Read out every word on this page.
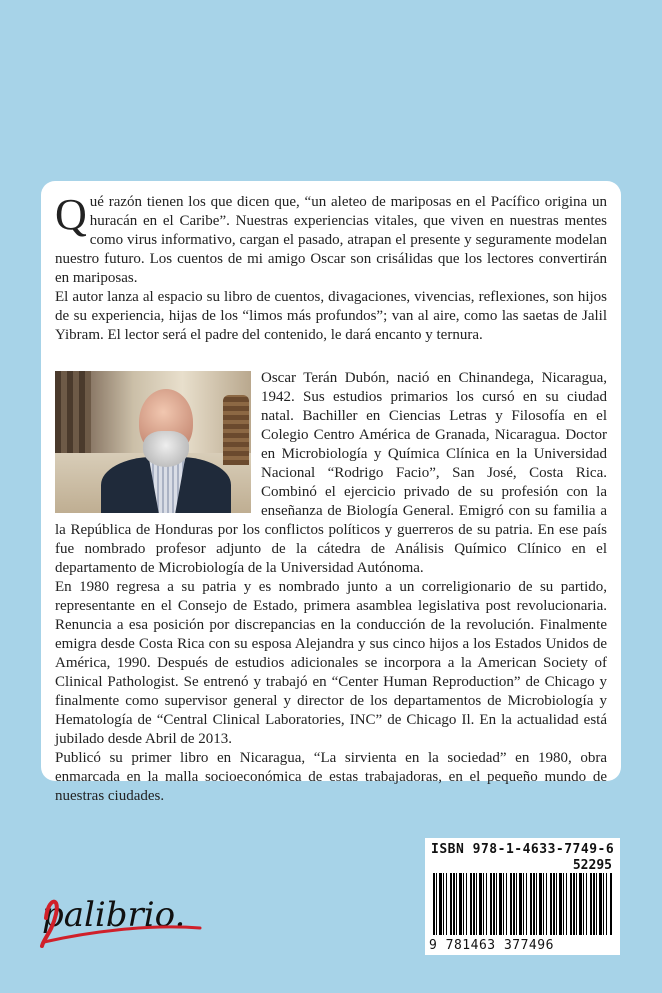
Qué razón tienen los que dicen que, “un aleteo de mariposas en el Pacífico origina un huracán en el Caribe”. Nuestras experiencias vitales, que viven en nuestras mentes como virus informativo, cargan el pasado, atrapan el presente y seguramente modelan nuestro futuro. Los cuentos de mi amigo Oscar son crisálidas que los lectores convertirán en mariposas.

El autor lanza al espacio su libro de cuentos, divagaciones, vivencias, reflexiones, son hijos de su experiencia, hijas de los “limos más profundos”; van al aire, como las saetas de Jalil Yibram. El lector será el padre del contenido, le dará encanto y ternura.

Oscar Terán Dubón, nació en Chinandega, Nicaragua, 1942. Sus estudios primarios los cursó en su ciudad natal. Bachiller en Ciencias Letras y Filosofía en el Colegio Centro América de Granada, Nicaragua. Doctor en Microbiología y Química Clínica en la Universidad Nacional “Rodrigo Facio”, San José, Costa Rica. Combinó el ejercicio privado de su profesión con la enseñanza de Biología General. Emigró con su familia a la República de Honduras por los conflictos políticos y guerreros de su patria. En ese país fue nombrado profesor adjunto de la cátedra de Análisis Químico Clínico en el departamento de Microbiología de la Universidad Autónoma.

En 1980 regresa a su patria y es nombrado junto a un correligionario de su partido, representante en el Consejo de Estado, primera asamblea legislativa post revolucionaria. Renuncia a esa posición por discrepancias en la conducción de la revolución. Finalmente emigra desde Costa Rica con su esposa Alejandra y sus cinco hijos a los Estados Unidos de América, 1990. Después de estudios adicionales se incorpora a la American Society of Clinical Pathologist. Se entrenó y trabajó en “Center Human Reproduction” de Chicago y finalmente como supervisor general y director de los departamentos de Microbiología y Hematología de “Central Clinical Laboratories, INC” de Chicago Il. En la actualidad está jubilado desde Abril de 2013.

Publicó su primer libro en Nicaragua, “La sirvienta en la sociedad” en 1980, obra enmarcada en la malla socioeconómica de estas trabajadoras, en el pequeño mundo de nuestras ciudades.

palibrio.
ISBN 978-1-4633-7749-6
52295
9 781463 377496
